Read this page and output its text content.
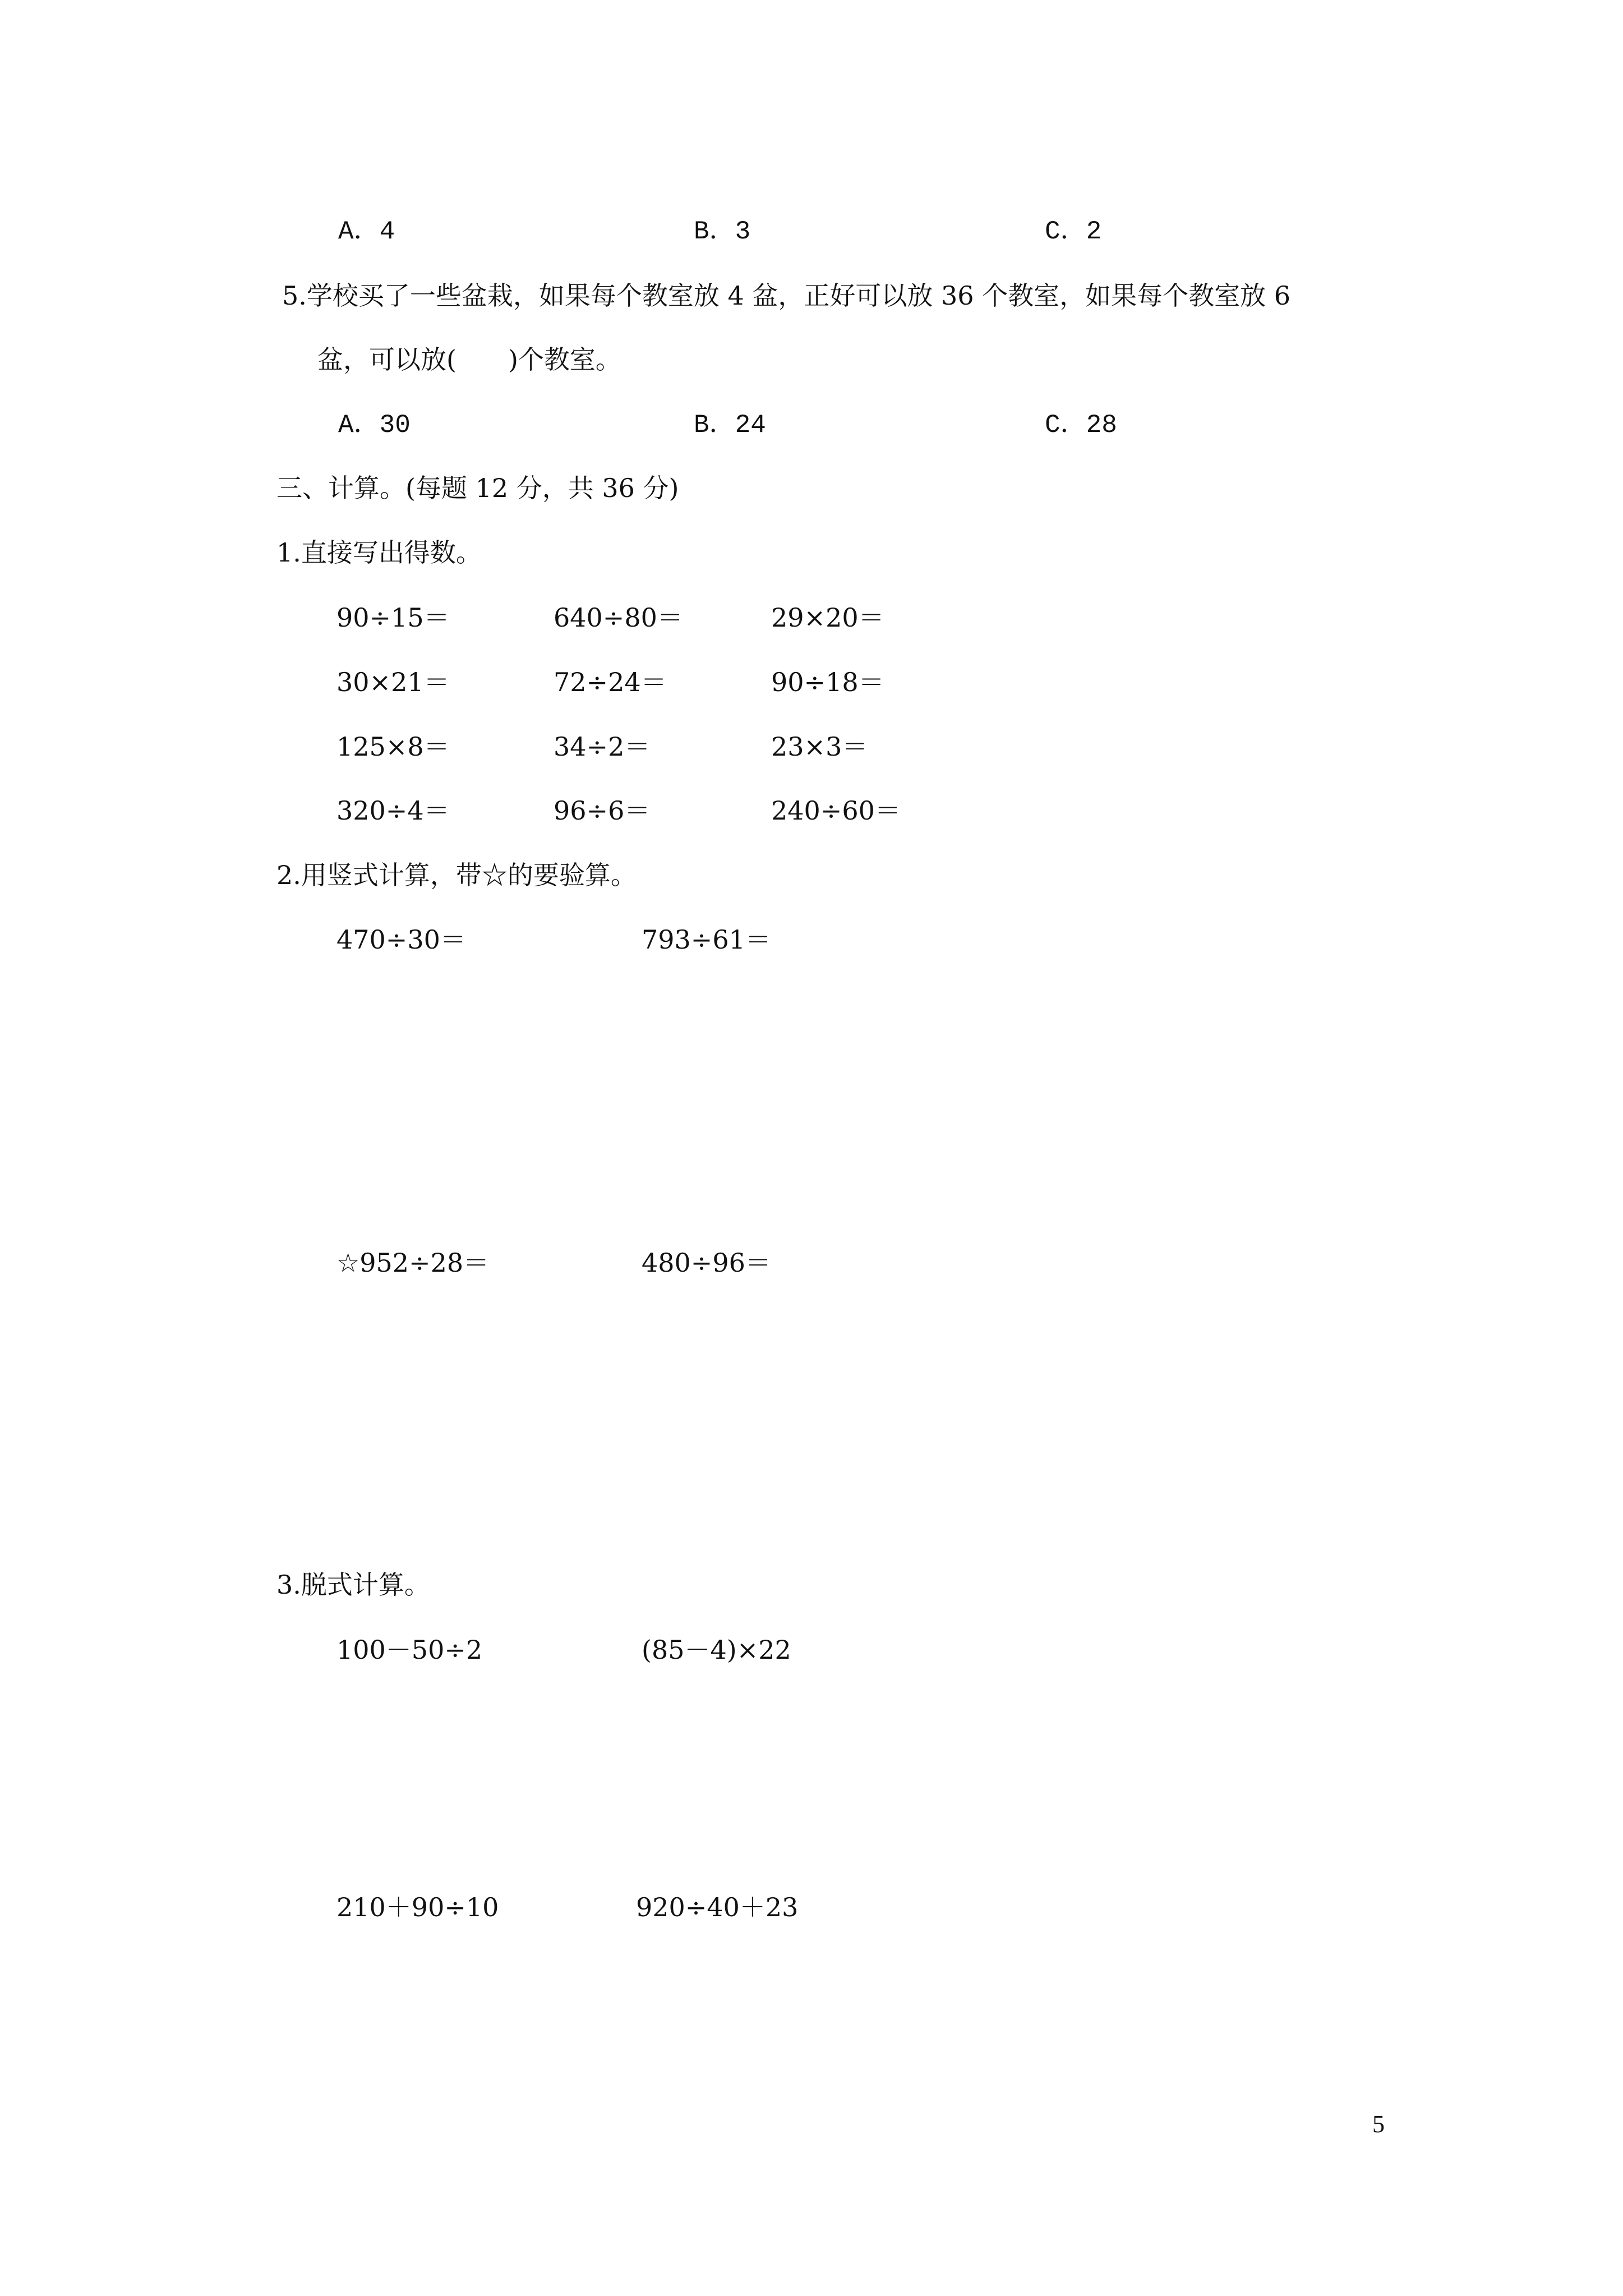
A．4	B．3	C．2
5.学校买了一些盆栽，如果每个教室放 4 盆，正好可以放 36 个教室，如果每个教室放 6
盆，可以放(　　)个教室。
A．30	B．24	C．28
三、计算。(每题 12 分，共 36 分)
1.直接写出得数。
90÷15＝	640÷80＝	29×20＝
30×21＝	72÷24＝	90÷18＝
125×8＝	34÷2＝	23×3＝
320÷4＝	96÷6＝	240÷60＝
2.用竖式计算，带☆的要验算。
470÷30＝	793÷61＝
☆952÷28＝	480÷96＝
3.脱式计算。
100－50÷2	(85－4)×22
210＋90÷10	920÷40＋23
5
